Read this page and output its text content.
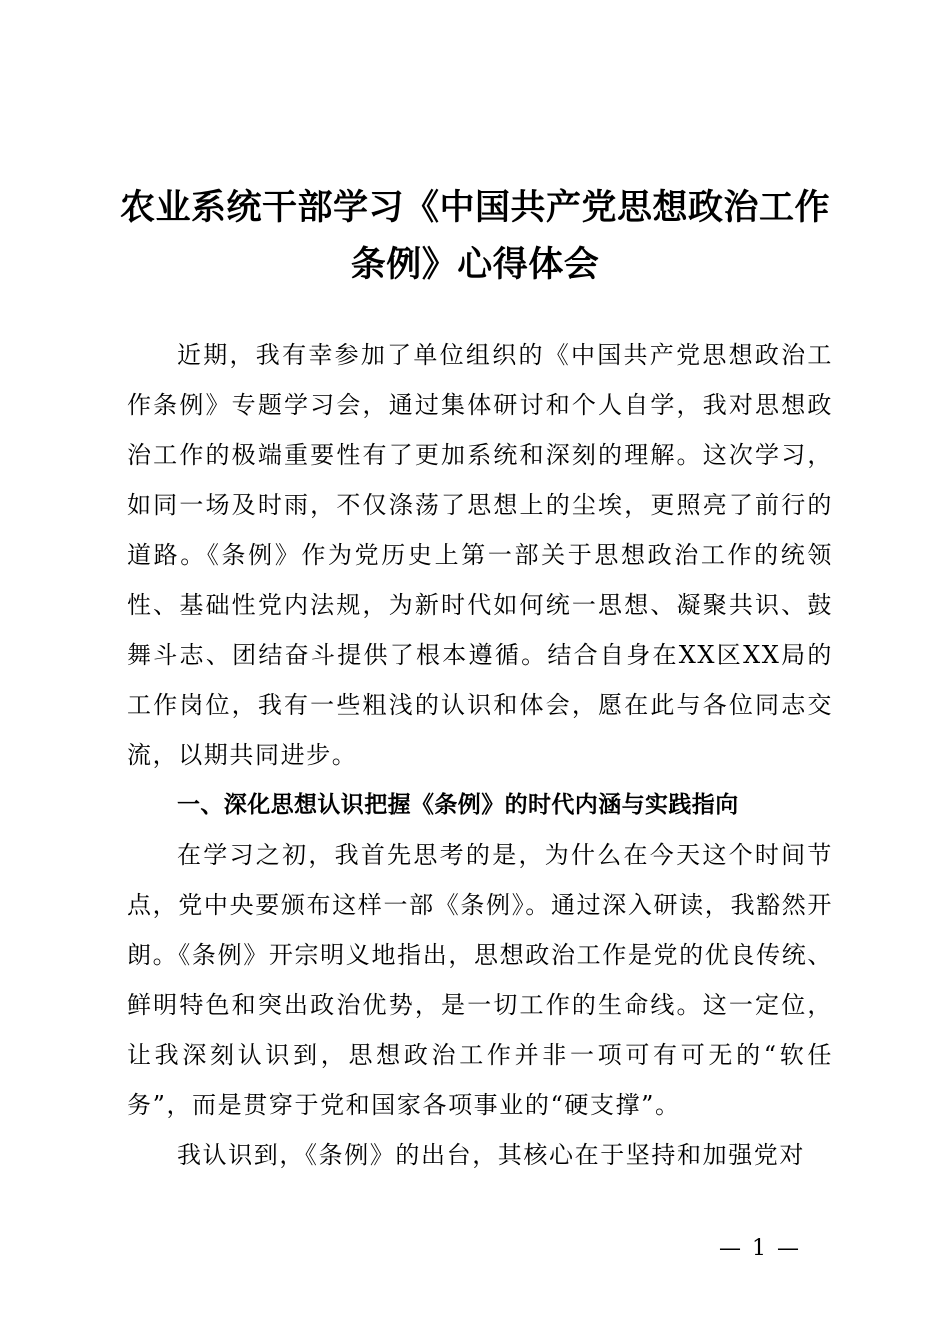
农业系统干部学习《中国共产党思想政治工作
条例》心得体会

近期，我有幸参加了单位组织的《中国共产党思想政治工作条例》专题学习会，通过集体研讨和个人自学，我对思想政治工作的极端重要性有了更加系统和深刻的理解。这次学习，如同一场及时雨，不仅涤荡了思想上的尘埃，更照亮了前行的道路。《条例》作为党历史上第一部关于思想政治工作的统领性、基础性党内法规，为新时代如何统一思想、凝聚共识、鼓舞斗志、团结奋斗提供了根本遵循。结合自身在XX区XX局的工作岗位，我有一些粗浅的认识和体会，愿在此与各位同志交流，以期共同进步。

一、深化思想认识把握《条例》的时代内涵与实践指向

在学习之初，我首先思考的是，为什么在今天这个时间节点，党中央要颁布这样一部《条例》。通过深入研读，我豁然开朗。《条例》开宗明义地指出，思想政治工作是党的优良传统、鲜明特色和突出政治优势，是一切工作的生命线。这一定位，让我深刻认识到，思想政治工作并非一项可有可无的“软任务”，而是贯穿于党和国家各项事业的“硬支撑”。

我认识到，《条例》的出台，其核心在于坚持和加强党对

— 1 —
